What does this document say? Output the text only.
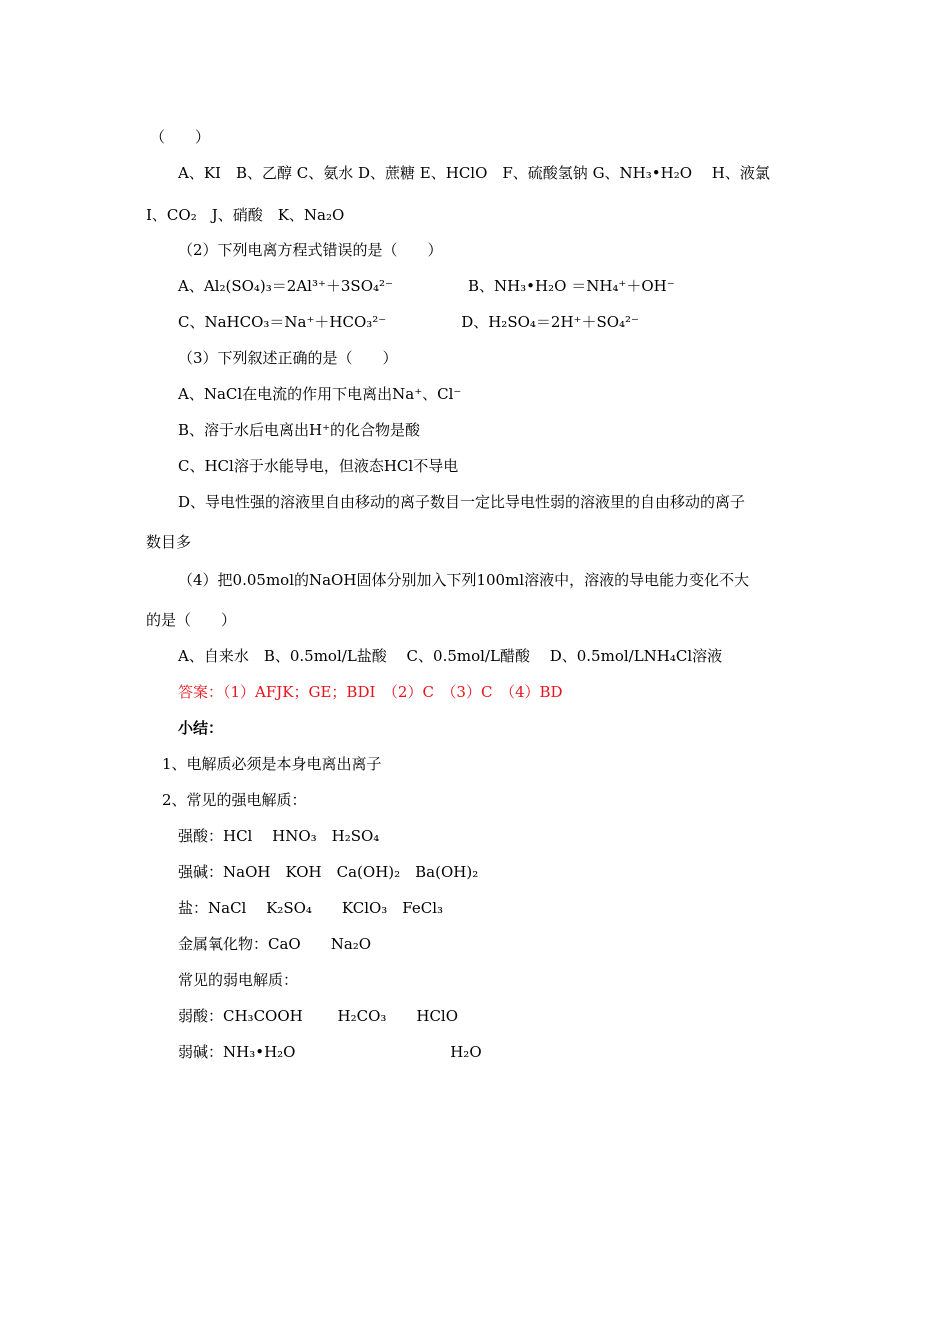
（　　）
A、KI　B、乙醇 C、氨水 D、蔗糖 E、HClO　F、硫酸氢钠 G、NH₃•H₂O　 H、液氯
I、CO₂　J、硝酸　K、Na₂O
（2）下列电离方程式错误的是（　　）
A、Al₂(SO₄)₃＝2Al³⁺＋3SO₄²⁻　　　　　B、NH₃•H₂O ＝NH₄⁺＋OH⁻
C、NaHCO₃＝Na⁺＋HCO₃²⁻　　　　　D、H₂SO₄＝2H⁺＋SO₄²⁻
（3）下列叙述正确的是（　　）
A、NaCl在电流的作用下电离出Na⁺、Cl⁻
B、溶于水后电离出H⁺的化合物是酸
C、HCl溶于水能导电，但液态HCl不导电
D、导电性强的溶液里自由移动的离子数目一定比导电性弱的溶液里的自由移动的离子
数目多
（4）把0.05mol的NaOH固体分别加入下列100ml溶液中，溶液的导电能力变化不大
的是（　　）
A、自来水　B、0.5mol/L盐酸　 C、0.5mol/L醋酸　 D、0.5mol/LNH₄Cl溶液
答案：（1）AFJK；GE；BDI　（2）C　（3）C　（4）BD
小结：
1、电解质必须是本身电离出离子
2、常见的强电解质：
强酸：HCl　 HNO₃　H₂SO₄
强碱：NaOH　KOH　Ca(OH)₂　Ba(OH)₂
盐：NaCl　 K₂SO₄　　KClO₃　FeCl₃
金属氧化物：CaO　　Na₂O
常见的弱电解质：
弱酸：CH₃COOH　　 H₂CO₃　　HClO
弱碱：NH₃•H₂O　　　　　　　　　　 H₂O
